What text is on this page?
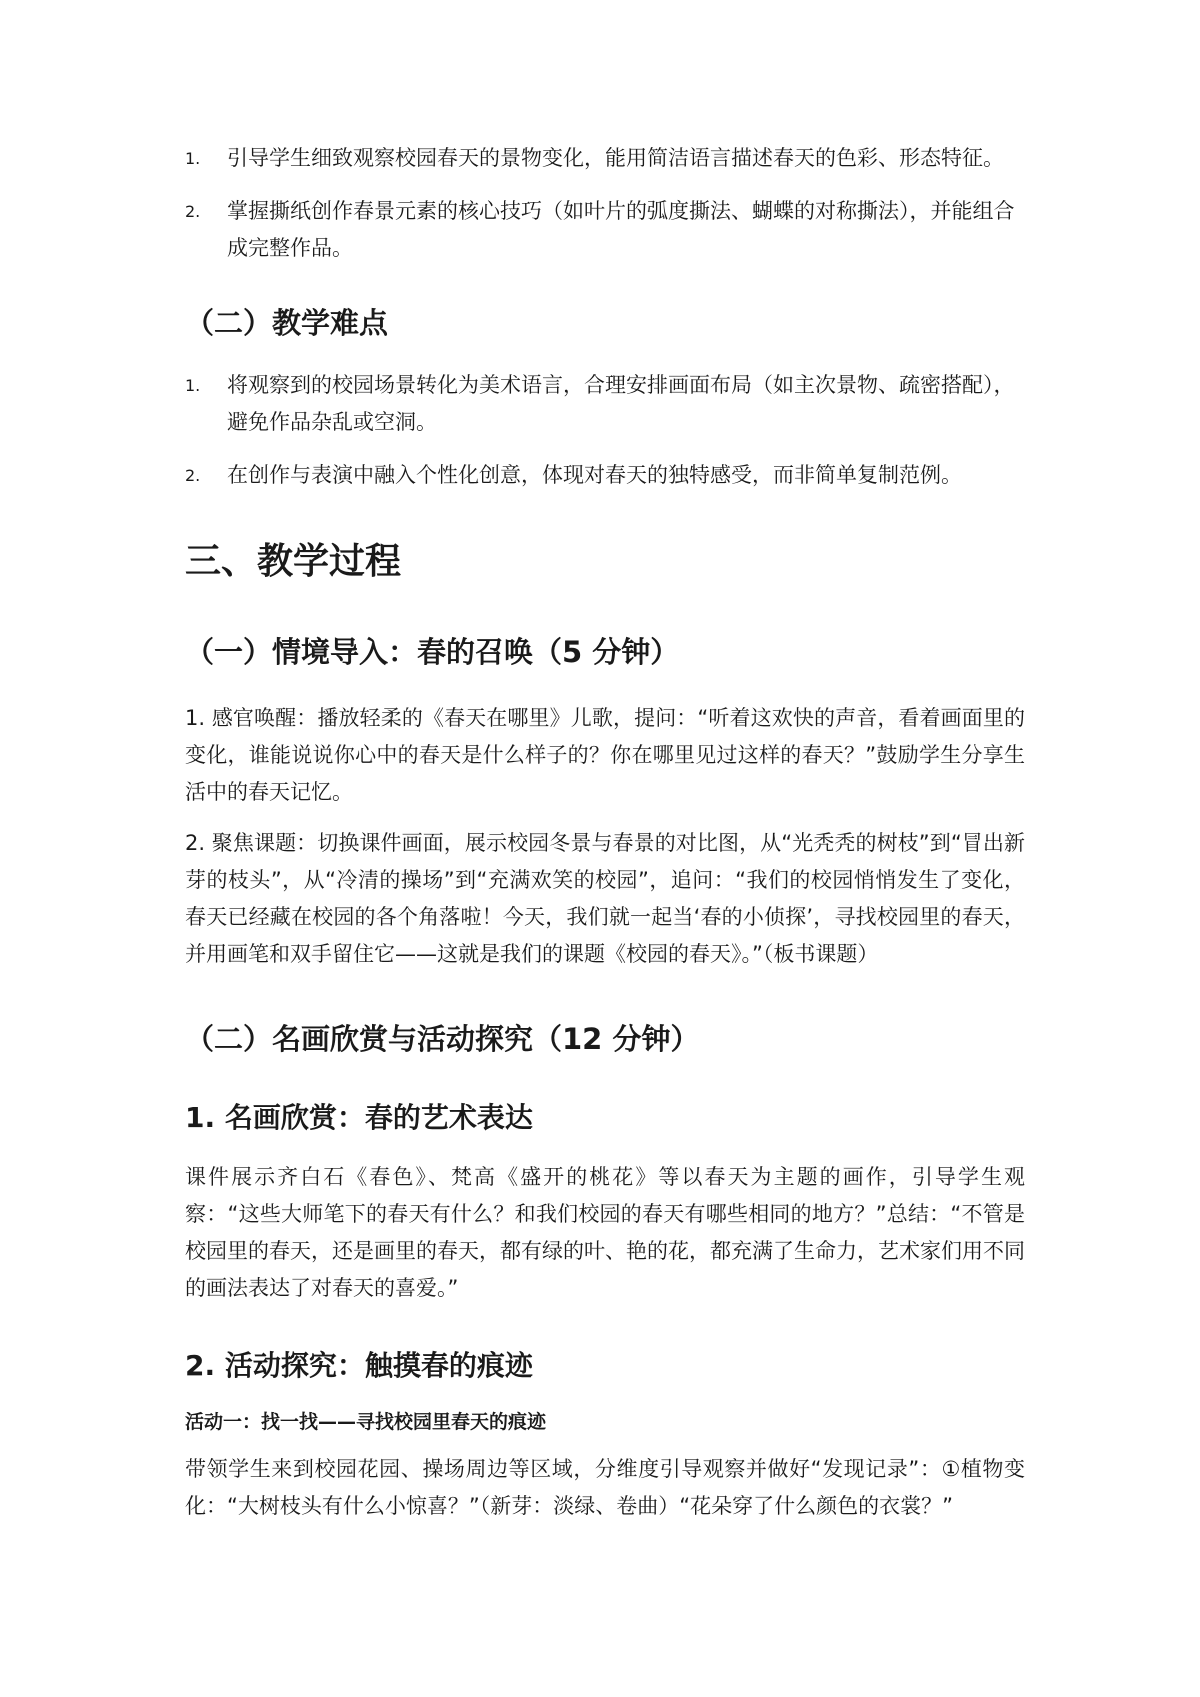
1.	引导学生细致观察校园春天的景物变化，能用简洁语言描述春天的色彩、形态特征。
2.	掌握撕纸创作春景元素的核心技巧（如叶片的弧度撕法、蝴蝶的对称撕法），并能组合成完整作品。
（二）教学难点
1.	将观察到的校园场景转化为美术语言，合理安排画面布局（如主次景物、疏密搭配），避免作品杂乱或空洞。
2.	在创作与表演中融入个性化创意，体现对春天的独特感受，而非简单复制范例。
三、教学过程
（一）情境导入：春的召唤（5 分钟）

1. 感官唤醒：播放轻柔的《春天在哪里》儿歌，提问：“听着这欢快的声音，看着画面里的变化，谁能说说你心中的春天是什么样子的？你在哪里见过这样的春天？”鼓励学生分享生活中的春天记忆。

2. 聚焦课题：切换课件画面，展示校园冬景与春景的对比图，从“光秃秃的树枝”到“冒出新芽的枝头”，从“冷清的操场”到“充满欢笑的校园”，追问：“我们的校园悄悄发生了变化，春天已经藏在校园的各个角落啦！今天，我们就一起当‘春的小侦探’，寻找校园里的春天，并用画笔和双手留住它——这就是我们的课题《校园的春天》。”（板书课题）

（二）名画欣赏与活动探究（12 分钟）
1. 名画欣赏：春的艺术表达

课件展示齐白石《春色》、梵高《盛开的桃花》等以春天为主题的画作，引导学生观察：“这些大师笔下的春天有什么？和我们校园的春天有哪些相同的地方？”总结：“不管是校园里的春天，还是画里的春天，都有绿的叶、艳的花，都充满了生命力，艺术家们用不同的画法表达了对春天的喜爱。”

2. 活动探究：触摸春的痕迹
活动一：找一找——寻找校园里春天的痕迹

带领学生来到校园花园、操场周边等区域，分维度引导观察并做好“发现记录”：①植物变化：“大树枝头有什么小惊喜？”（新芽：淡绿、卷曲）“花朵穿了什么颜色的衣裳？”
